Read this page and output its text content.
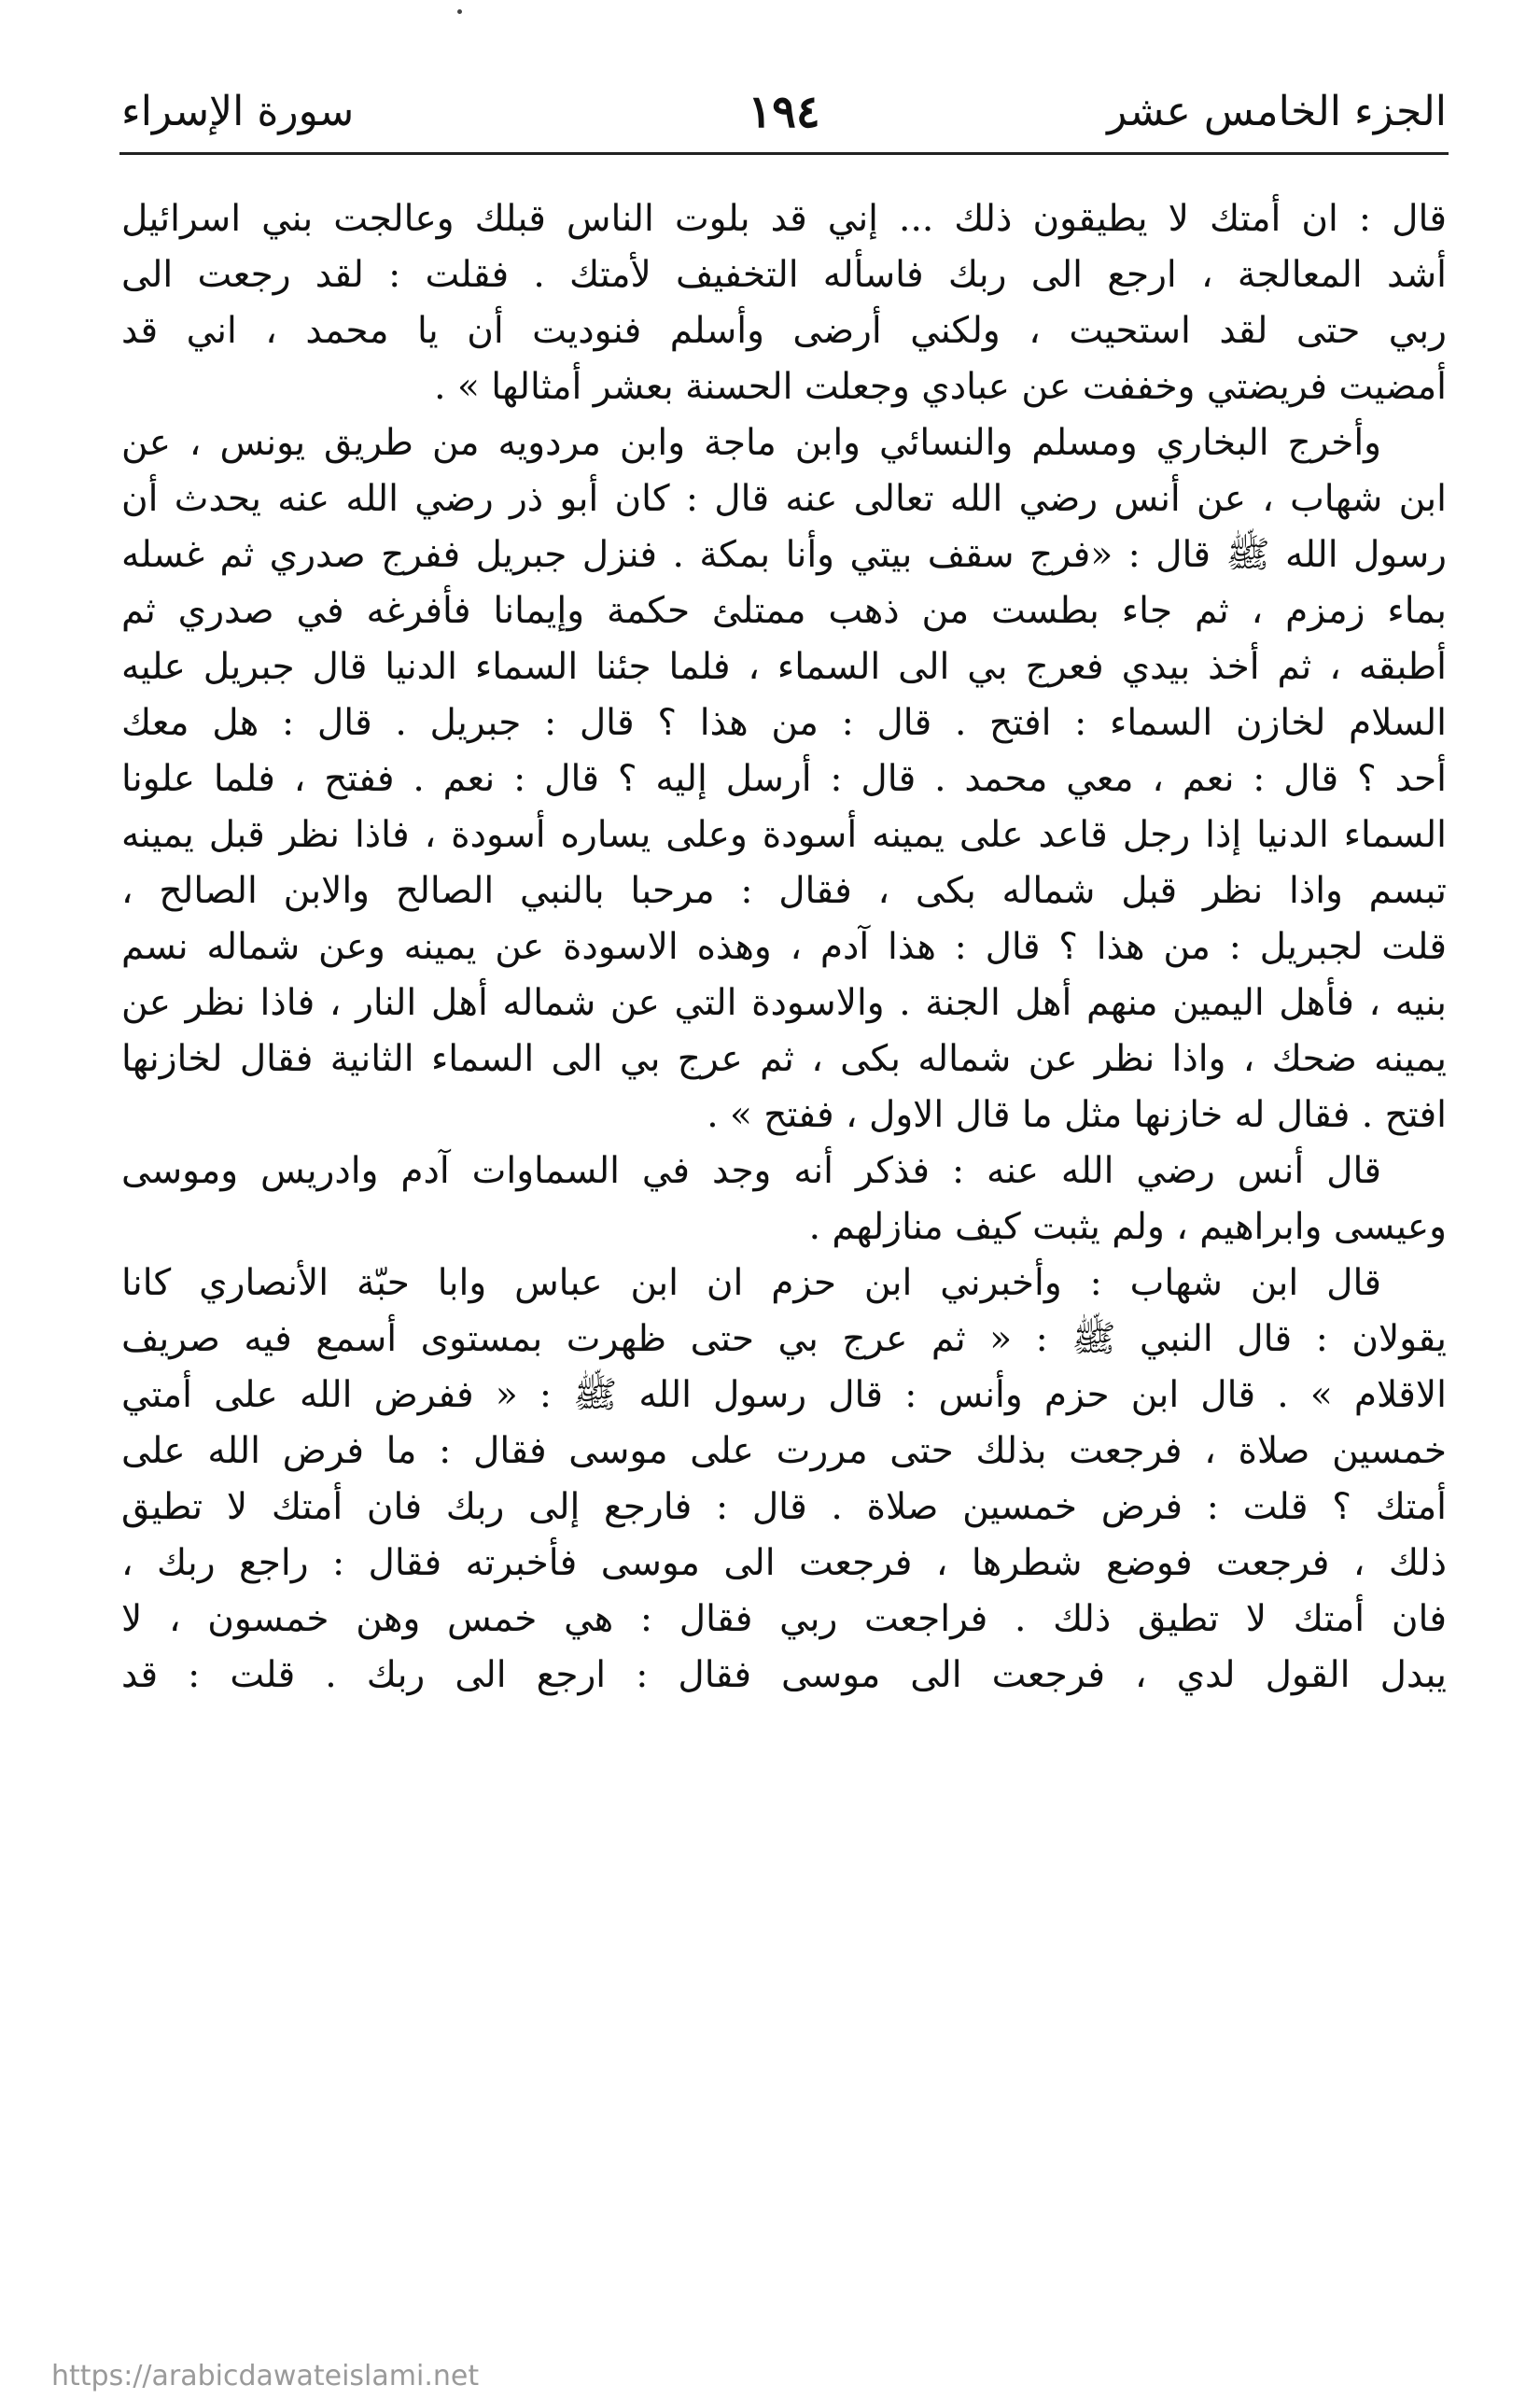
الجزء الخامس عشر
١٩٤
سورة الإسراء
قال : ان أمتك لا يطيقون ذلك ... إني قد بلوت الناس قبلك وعالجت بني اسرائيل
أشد المعالجة ، ارجع الى ربك فاسأله التخفيف لأمتك . فقلت : لقد رجعت الى
ربي حتى لقد استحيت ، ولكني أرضى وأسلم فنوديت أن يا محمد ، اني قد
أمضيت فريضتي وخففت عن عبادي وجعلت الحسنة بعشر أمثالها » .
وأخرج البخاري ومسلم والنسائي وابن ماجة وابن مردويه من طريق يونس ، عن
ابن شهاب ، عن أنس رضي الله تعالى عنه قال : كان أبو ذر رضي الله عنه يحدث أن
رسول الله ﷺ قال : «فرج سقف بيتي وأنا بمكة . فنزل جبريل ففرج صدري ثم غسله
بماء زمزم ، ثم جاء بطست من ذهب ممتلئ حكمة وإيمانا فأفرغه في صدري ثم
أطبقه ، ثم أخذ بيدي فعرج بي الى السماء ، فلما جئنا السماء الدنيا قال جبريل عليه
السلام لخازن السماء : افتح . قال : من هذا ؟ قال : جبريل . قال : هل معك
أحد ؟ قال : نعم ، معي محمد . قال : أرسل إليه ؟ قال : نعم . ففتح ، فلما علونا
السماء الدنيا إذا رجل قاعد على يمينه أسودة وعلى يساره أسودة ، فاذا نظر قبل يمينه
تبسم واذا نظر قبل شماله بكى ، فقال : مرحبا بالنبي الصالح والابن الصالح ،
قلت لجبريل : من هذا ؟ قال : هذا آدم ، وهذه الاسودة عن يمينه وعن شماله نسم
بنيه ، فأهل اليمين منهم أهل الجنة . والاسودة التي عن شماله أهل النار ، فاذا نظر عن
يمينه ضحك ، واذا نظر عن شماله بكى ، ثم عرج بي الى السماء الثانية فقال لخازنها
افتح . فقال له خازنها مثل ما قال الاول ، ففتح » .
قال أنس رضي الله عنه : فذكر أنه وجد في السماوات آدم وادريس وموسى
وعيسى وابراهيم ، ولم يثبت كيف منازلهم .
قال ابن شهاب : وأخبرني ابن حزم ان ابن عباس وابا حبّة الأنصاري كانا
يقولان : قال النبي ﷺ : « ثم عرج بي حتى ظهرت بمستوى أسمع فيه صريف
الاقلام » . قال ابن حزم وأنس : قال رسول الله ﷺ : « ففرض الله على أمتي
خمسين صلاة ، فرجعت بذلك حتى مررت على موسى فقال : ما فرض الله على
أمتك ؟ قلت : فرض خمسين صلاة . قال : فارجع إلى ربك فان أمتك لا تطيق
ذلك ، فرجعت فوضع شطرها ، فرجعت الى موسى فأخبرته فقال : راجع ربك ،
فان أمتك لا تطيق ذلك . فراجعت ربي فقال : هي خمس وهن خمسون ، لا
يبدل القول لدي ، فرجعت الى موسى فقال : ارجع الى ربك . قلت : قد
https://arabicdawateislami.net
